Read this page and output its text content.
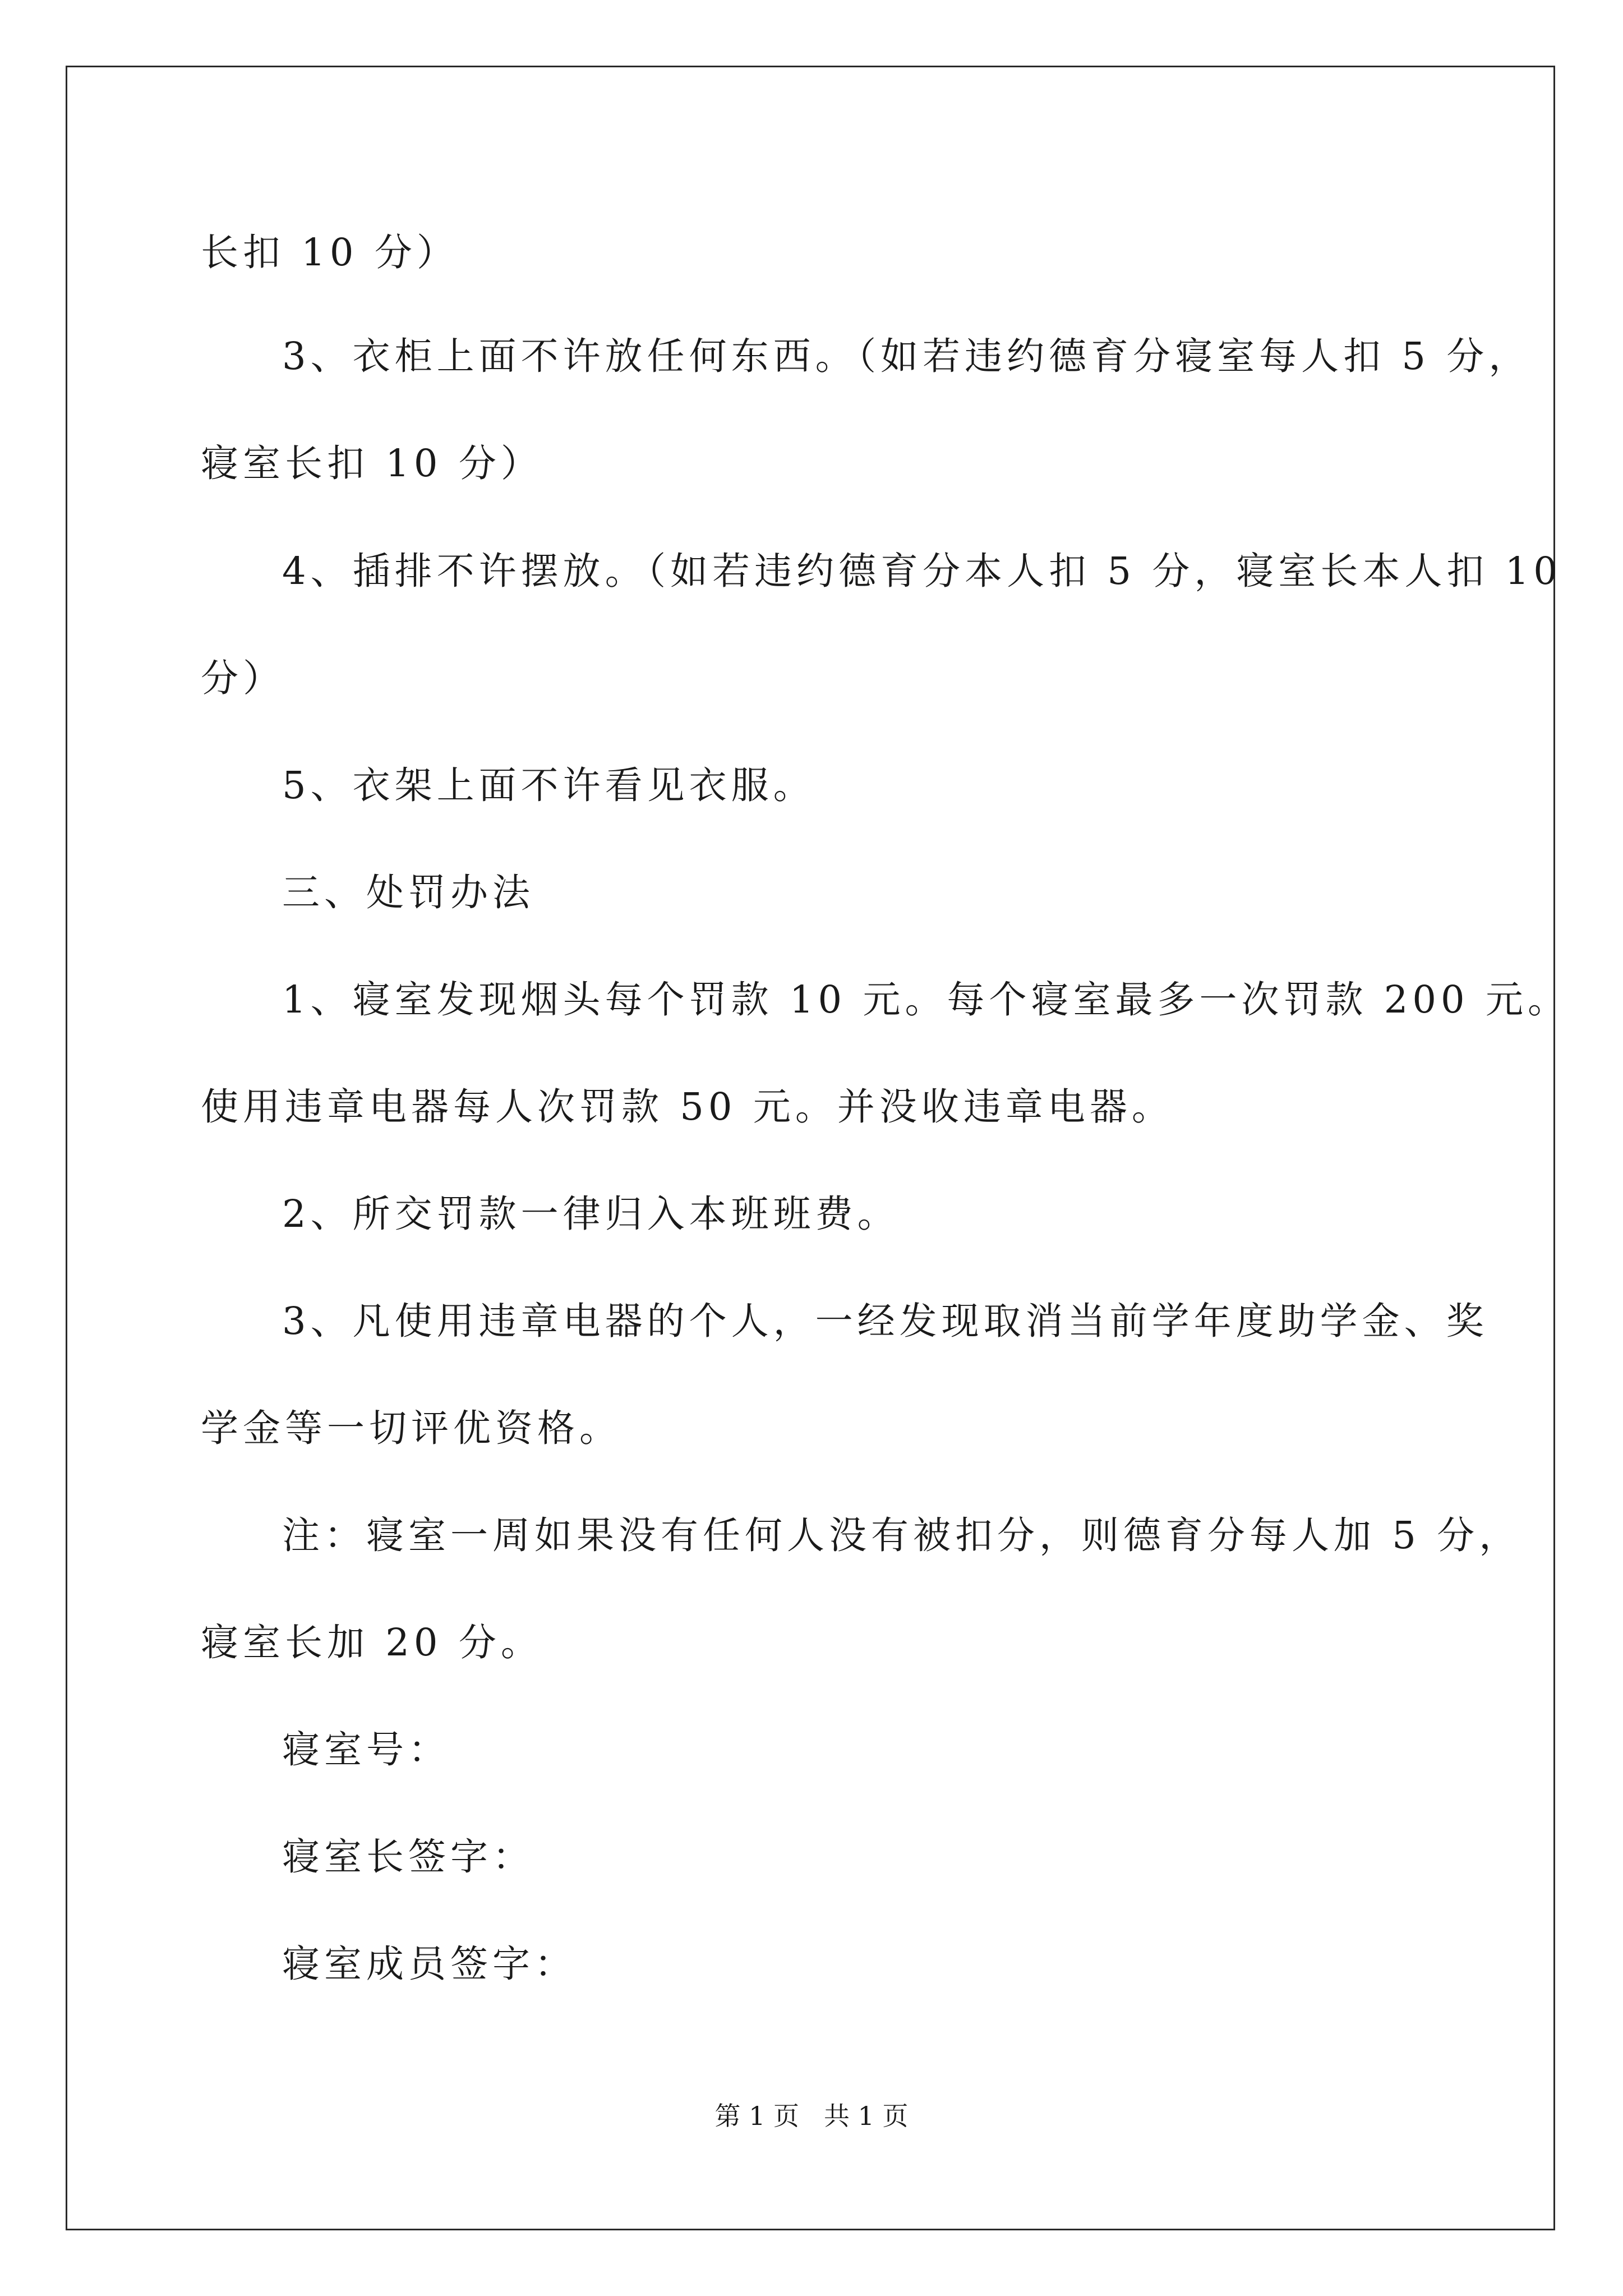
长扣 10 分）
3、衣柜上面不许放任何东西。（如若违约德育分寝室每人扣 5 分，
寝室长扣 10 分）
4、插排不许摆放。（如若违约德育分本人扣 5 分，寝室长本人扣 10
分）
5、衣架上面不许看见衣服。
三、处罚办法
1、寝室发现烟头每个罚款 10 元。每个寝室最多一次罚款 200 元。
使用违章电器每人次罚款 50 元。并没收违章电器。
2、所交罚款一律归入本班班费。
3、凡使用违章电器的个人，一经发现取消当前学年度助学金、奖
学金等一切评优资格。
注：寝室一周如果没有任何人没有被扣分，则德育分每人加 5 分，
寝室长加 20 分。
寝室号：
寝室长签字：
寝室成员签字：
第 1 页 共 1 页
